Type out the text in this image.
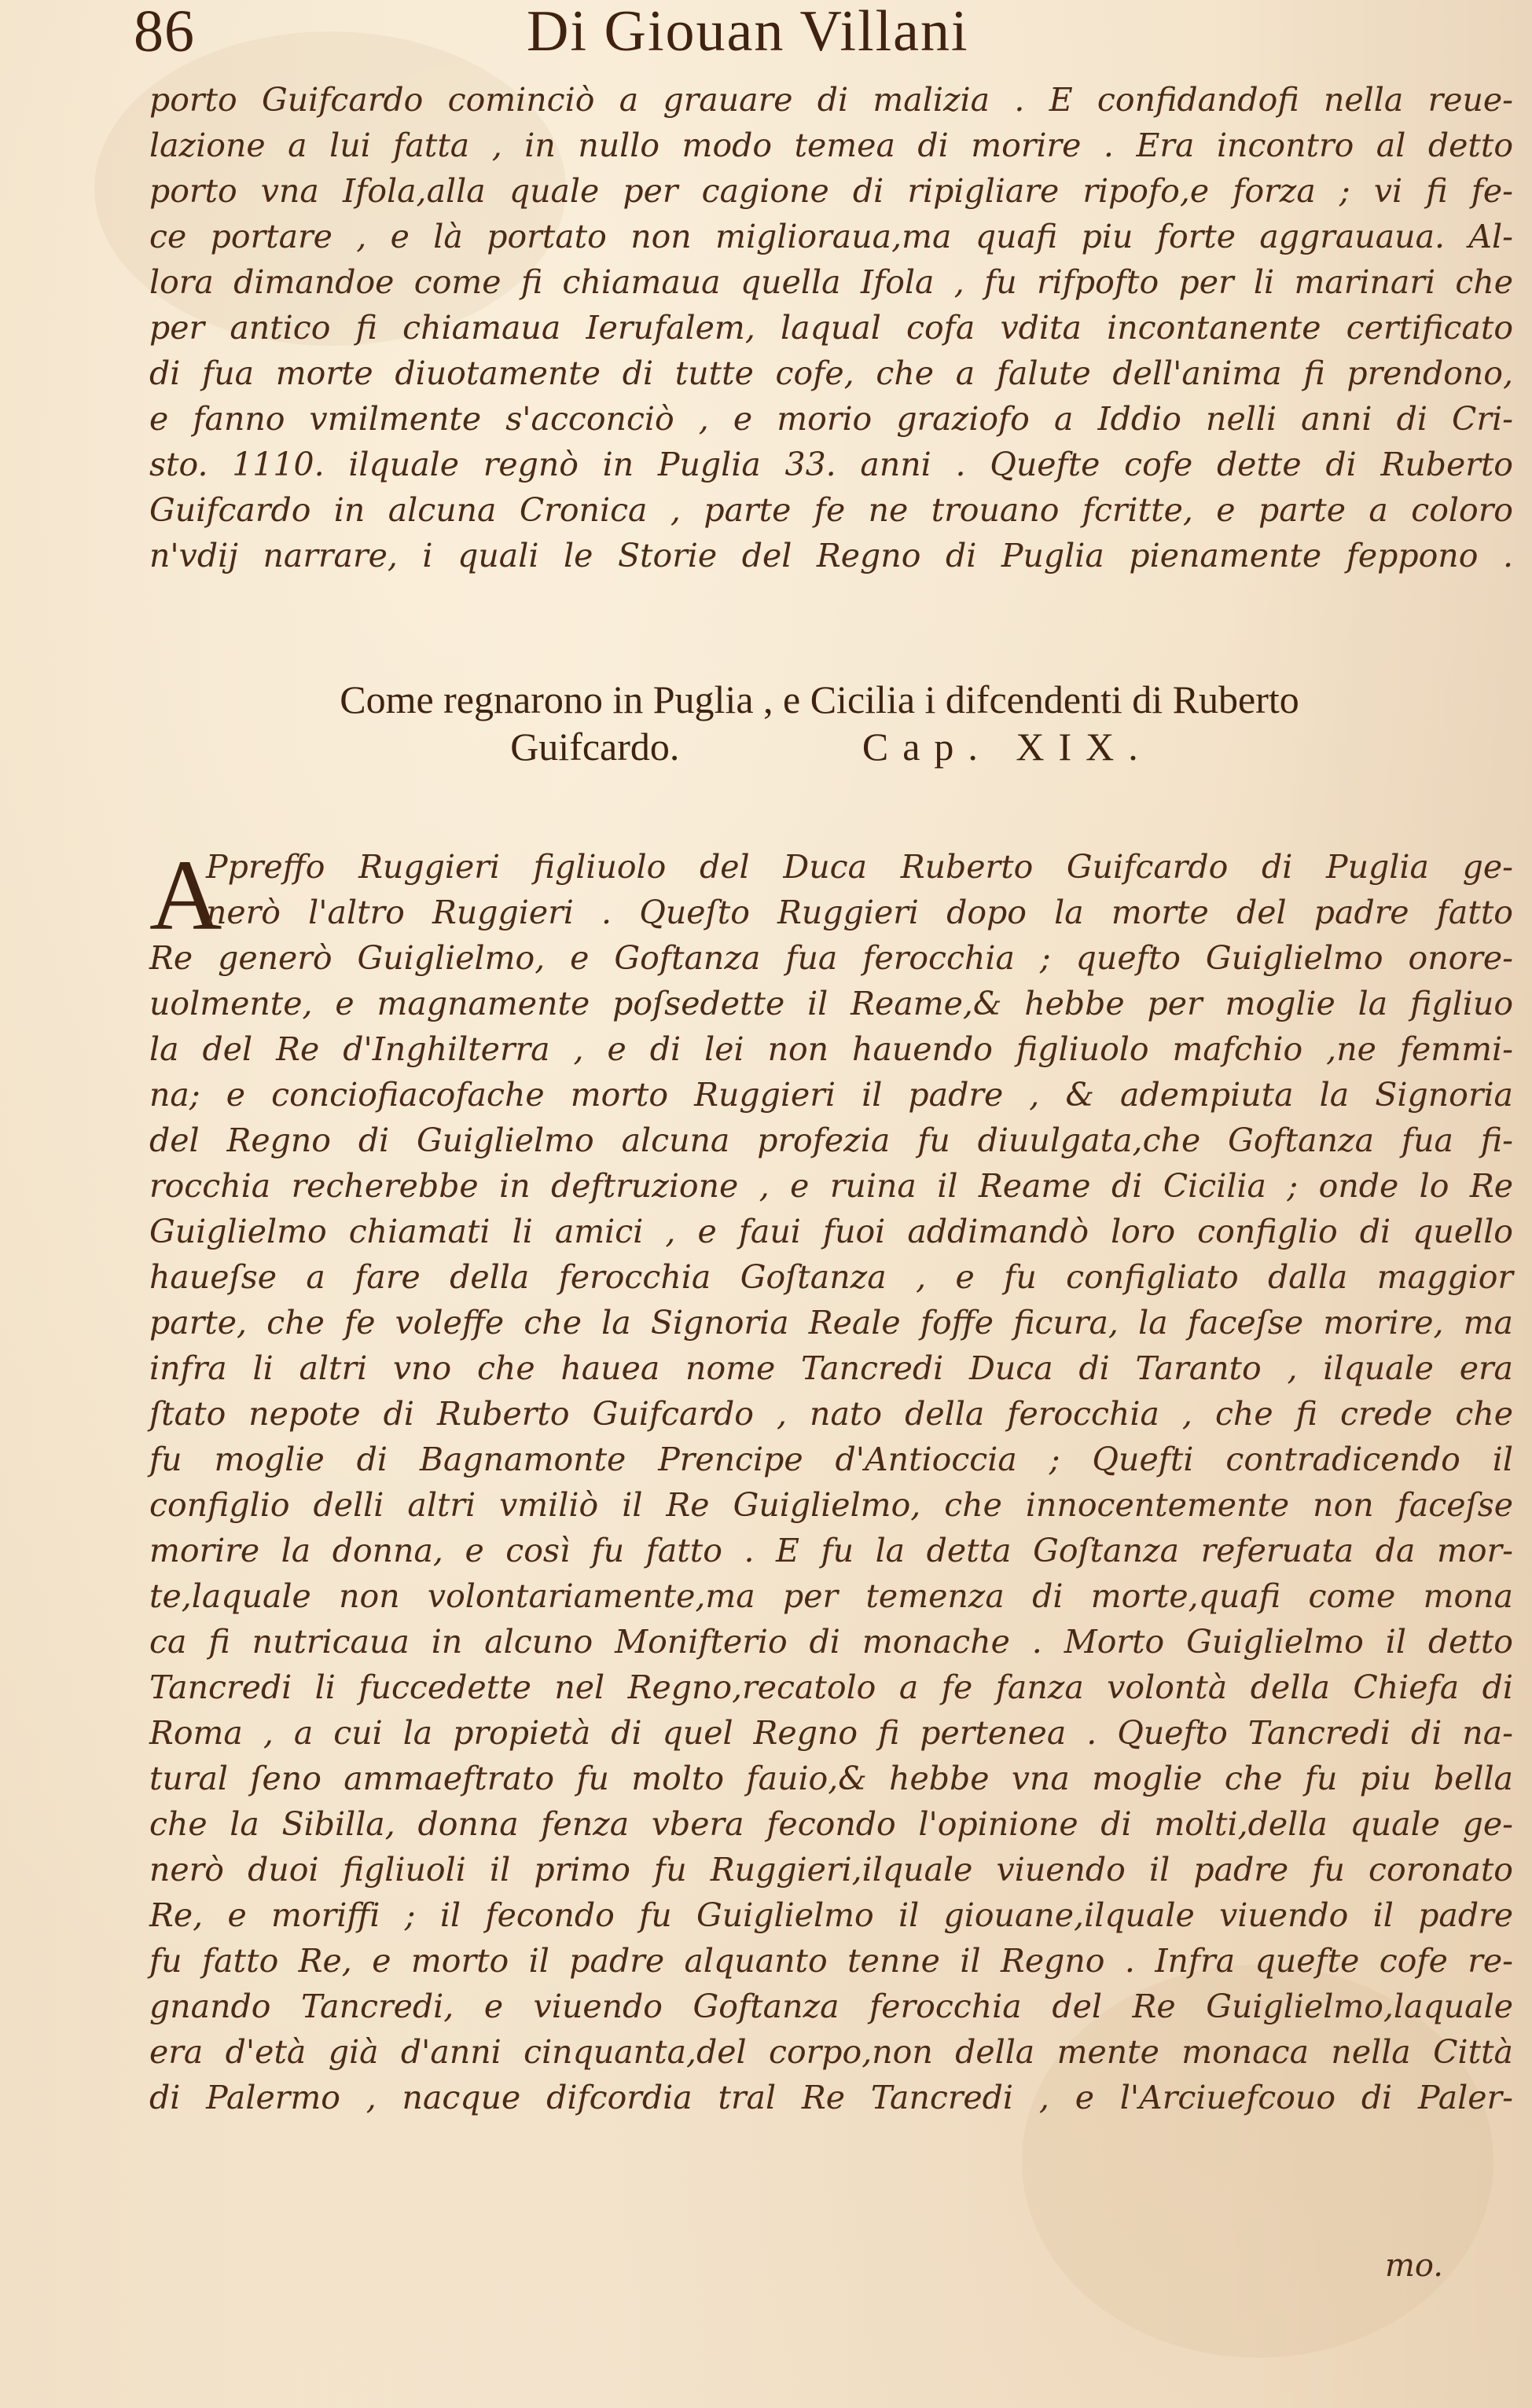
86	Di Giouan Villani
porto Guifcardo cominciò a grauare di malizia . E confidandofi nella reue-
lazione a lui fatta , in nullo modo temea di morire . Era incontro al detto
porto vna Ifola,alla quale per cagione di ripigliare ripofo,e forza ; vi fi fe-
ce portare , e là portato non miglioraua,ma quafi piu forte aggrauaua. Al-
lora dimandoe come fi chiamaua quella Ifola , fu rifpofto per li marinari che
per antico fi chiamaua Ierufalem, laqual cofa vdita incontanente certificato
di fua morte diuotamente di tutte cofe, che a falute dell'anima fi prendono,
e fanno vmilmente s'acconciò , e morio graziofo a Iddio nelli anni di Cri-
sto. 1110. ilquale regnò in Puglia 33. anni . Quefte cofe dette di Ruberto
Guifcardo in alcuna Cronica , parte fe ne trouano fcritte, e parte a coloro
n'vdij narrare, i quali le Storie del Regno di Puglia pienamente feppono .
Come regnarono in Puglia , e Cicilia i difcendenti di Ruberto
Guifcardo.	Cap. XIX.
A
Ppreffo Ruggieri figliuolo del Duca Ruberto Guifcardo di Puglia ge-
nerò l'altro Ruggieri . Queſto Ruggieri dopo la morte del padre fatto
Re generò Guiglielmo, e Goftanza fua ferocchia ; quefto Guiglielmo onore-
uolmente, e magnamente poſsedette il Reame,& hebbe per moglie la figliuo
la del Re d'Inghilterra , e di lei non hauendo figliuolo mafchio ,ne femmi-
na; e conciofiacofache morto Ruggieri il padre , & adempiuta la Signoria
del Regno di Guiglielmo alcuna profezia fu diuulgata,che Goftanza fua fi-
rocchia recherebbe in deftruzione , e ruina il Reame di Cicilia ; onde lo Re
Guiglielmo chiamati li amici , e faui fuoi addimandò loro configlio di quello
haueſse a fare della ferocchia Goſtanza , e fu configliato dalla maggior
parte, che fe voleffe che la Signoria Reale foffe ficura, la faceſse morire, ma
infra li altri vno che hauea nome Tancredi Duca di Taranto , ilquale era
ſtato nepote di Ruberto Guifcardo , nato della ferocchia , che fi crede che
fu moglie di Bagnamonte Prencipe d'Antioccia ; Quefti contradicendo il
configlio delli altri vmiliò il Re Guiglielmo, che innocentemente non faceſse
morire la donna, e così fu fatto . E fu la detta Goſtanza referuata da mor-
te,laquale non volontariamente,ma per temenza di morte,quafi come mona
ca fi nutricaua in alcuno Monifterio di monache . Morto Guiglielmo il detto
Tancredi li fuccedette nel Regno,recatolo a fe fanza volontà della Chiefa di
Roma , a cui la propietà di quel Regno fi pertenea . Quefto Tancredi di na-
tural ſeno ammaeftrato fu molto fauio,& hebbe vna moglie che fu piu bella
che la Sibilla, donna fenza vbera fecondo l'opinione di molti,della quale ge-
nerò duoi figliuoli il primo fu Ruggieri,ilquale viuendo il padre fu coronato
Re, e moriffi ; il fecondo fu Guiglielmo il giouane,ilquale viuendo il padre
fu fatto Re, e morto il padre alquanto tenne il Regno . Infra quefte cofe re-
gnando Tancredi, e viuendo Goftanza ferocchia del Re Guiglielmo,laquale
era d'età già d'anni cinquanta,del corpo,non della mente monaca nella Città
di Palermo , nacque difcordia tral Re Tancredi , e l'Arciuefcouo di Paler-
mo.
